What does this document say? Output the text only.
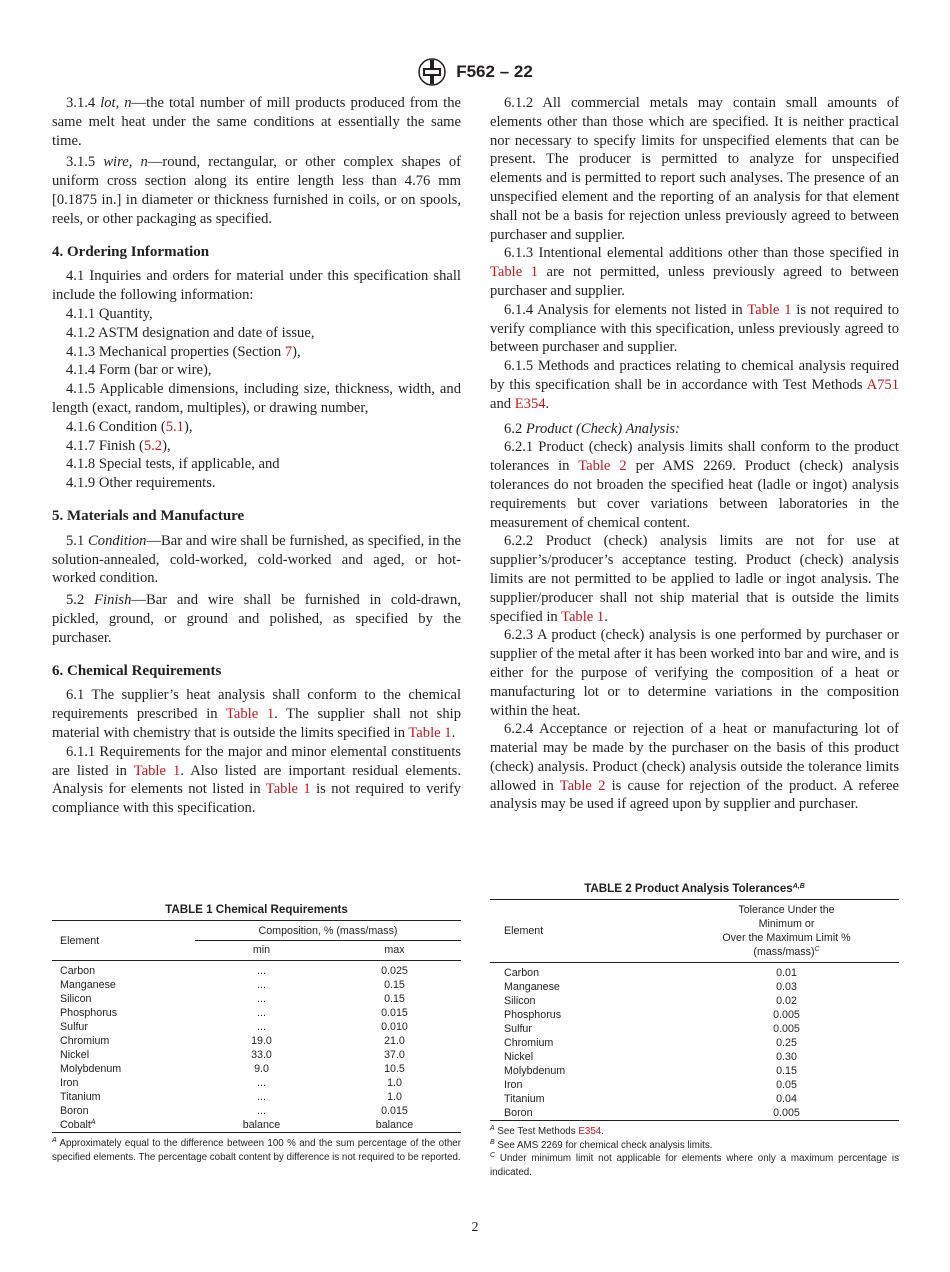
F562 – 22

3.1.4 lot, n—the total number of mill products produced from the same melt heat under the same conditions at essentially the same time.

3.1.5 wire, n—round, rectangular, or other complex shapes of uniform cross section along its entire length less than 4.76 mm [0.1875 in.] in diameter or thickness furnished in coils, or on spools, reels, or other packaging as specified.

4. Ordering Information

4.1 Inquiries and orders for material under this specification shall include the following information:

4.1.1 Quantity,

4.1.2 ASTM designation and date of issue,

4.1.3 Mechanical properties (Section 7),

4.1.4 Form (bar or wire),

4.1.5 Applicable dimensions, including size, thickness, width, and length (exact, random, multiples), or drawing number,

4.1.6 Condition (5.1),

4.1.7 Finish (5.2),

4.1.8 Special tests, if applicable, and

4.1.9 Other requirements.

5. Materials and Manufacture

5.1 Condition—Bar and wire shall be furnished, as specified, in the solution-annealed, cold-worked, cold-worked and aged, or hot-worked condition.

5.2 Finish—Bar and wire shall be furnished in cold-drawn, pickled, ground, or ground and polished, as specified by the purchaser.

6. Chemical Requirements

6.1 The supplier’s heat analysis shall conform to the chemical requirements prescribed in Table 1. The supplier shall not ship material with chemistry that is outside the limits specified in Table 1.

6.1.1 Requirements for the major and minor elemental constituents are listed in Table 1. Also listed are important residual elements. Analysis for elements not listed in Table 1 is not required to verify compliance with this specification.

6.1.2 All commercial metals may contain small amounts of elements other than those which are specified. It is neither practical nor necessary to specify limits for unspecified elements that can be present. The producer is permitted to analyze for unspecified elements and is permitted to report such analyses. The presence of an unspecified element and the reporting of an analysis for that element shall not be a basis for rejection unless previously agreed to between purchaser and supplier.

6.1.3 Intentional elemental additions other than those specified in Table 1 are not permitted, unless previously agreed to between purchaser and supplier.

6.1.4 Analysis for elements not listed in Table 1 is not required to verify compliance with this specification, unless previously agreed to between purchaser and supplier.

6.1.5 Methods and practices relating to chemical analysis required by this specification shall be in accordance with Test Methods A751 and E354.

6.2 Product (Check) Analysis:

6.2.1 Product (check) analysis limits shall conform to the product tolerances in Table 2 per AMS 2269. Product (check) analysis tolerances do not broaden the specified heat (ladle or ingot) analysis requirements but cover variations between laboratories in the measurement of chemical content.

6.2.2 Product (check) analysis limits are not for use at supplier’s/producer’s acceptance testing. Product (check) analysis limits are not permitted to be applied to ladle or ingot analysis. The supplier/producer shall not ship material that is outside the limits specified in Table 1.

6.2.3 A product (check) analysis is one performed by purchaser or supplier of the metal after it has been worked into bar and wire, and is either for the purpose of verifying the composition of a heat or manufacturing lot or to determine variations in the composition within the heat.

6.2.4 Acceptance or rejection of a heat or manufacturing lot of material may be made by the purchaser on the basis of this product (check) analysis. Product (check) analysis outside the tolerance limits allowed in Table 2 is cause for rejection of the product. A referee analysis may be used if agreed upon by supplier and purchaser.

TABLE 1 Chemical Requirements
Element	Composition, % (mass/mass)	
	min	max
Carbon	...	0.025
Manganese	...	0.15
Silicon	...	0.15
Phosphorus	...	0.015
Sulfur	...	0.010
Chromium	19.0	21.0
Nickel	33.0	37.0
Molybdenum	9.0	10.5
Iron	...	1.0
Titanium	...	1.0
Boron	...	0.015
Cobalt$^A$	balance	balance
$^A$ Approximately equal to the difference between 100 % and the sum percentage of the other specified elements. The percentage cobalt content by difference is not required to be reported.
TABLE 2 Product Analysis Tolerances$^{A,B}$
Element	Tolerance Under the
Minimum or
Over the Maximum Limit %
(mass/mass)$^C$

Carbon	0.01
Manganese	0.03
Silicon	0.02
Phosphorus	0.005
Sulfur	0.005
Chromium	0.25
Nickel	0.30
Molybdenum	0.15
Iron	0.05
Titanium	0.04
Boron	0.005
$^A$ See Test Methods E354.
$^B$ See AMS 2269 for chemical check analysis limits.
$^C$ Under minimum limit not applicable for elements where only a maximum percentage is indicated.
2
